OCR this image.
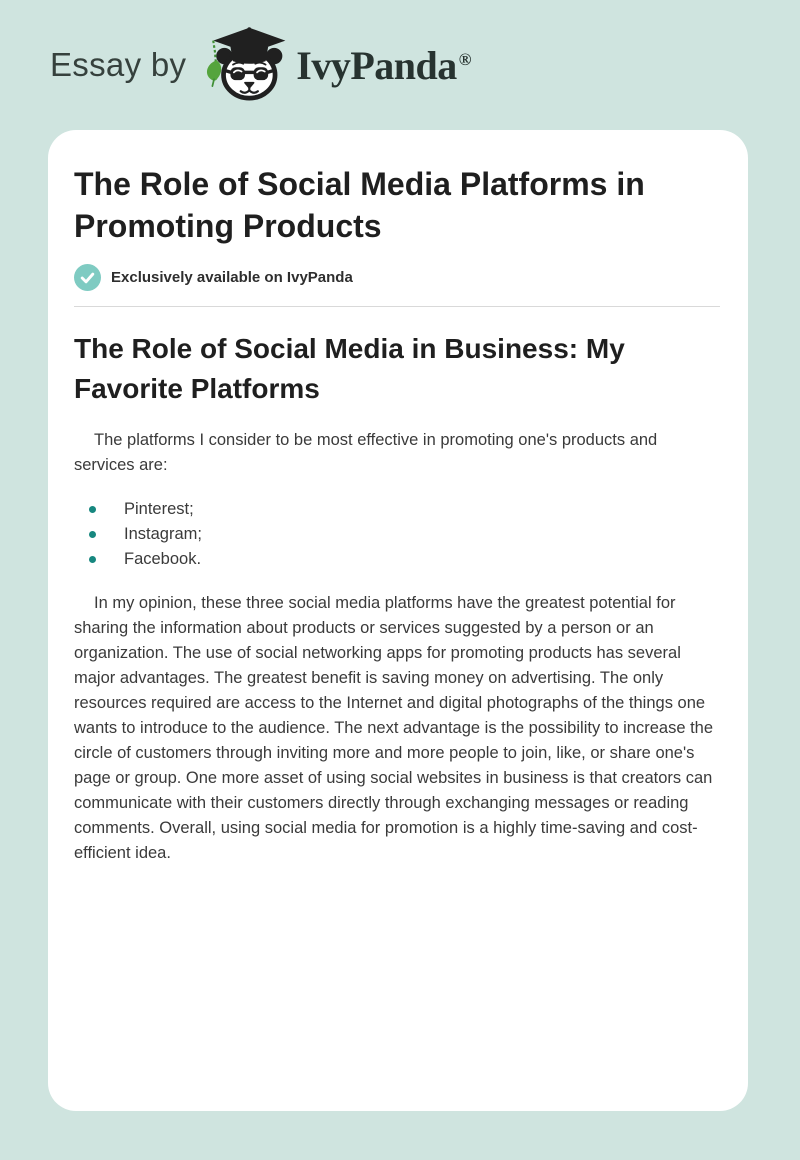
Essay by	IvyPanda ®
The Role of Social Media Platforms in Promoting Products
Exclusively available on IvyPanda
The Role of Social Media in Business: My Favorite Platforms

The platforms I consider to be most effective in promoting one's products and services are:

Pinterest;
Instagram;
Facebook.

In my opinion, these three social media platforms have the greatest potential for sharing the information about products or services suggested by a person or an organization. The use of social networking apps for promoting products has several major advantages. The greatest benefit is saving money on advertising. The only resources required are access to the Internet and digital photographs of the things one wants to introduce to the audience. The next advantage is the possibility to increase the circle of customers through inviting more and more people to join, like, or share one's page or group. One more asset of using social websites in business is that creators can communicate with their customers directly through exchanging messages or reading comments. Overall, using social media for promotion is a highly time-saving and cost-efficient idea.
